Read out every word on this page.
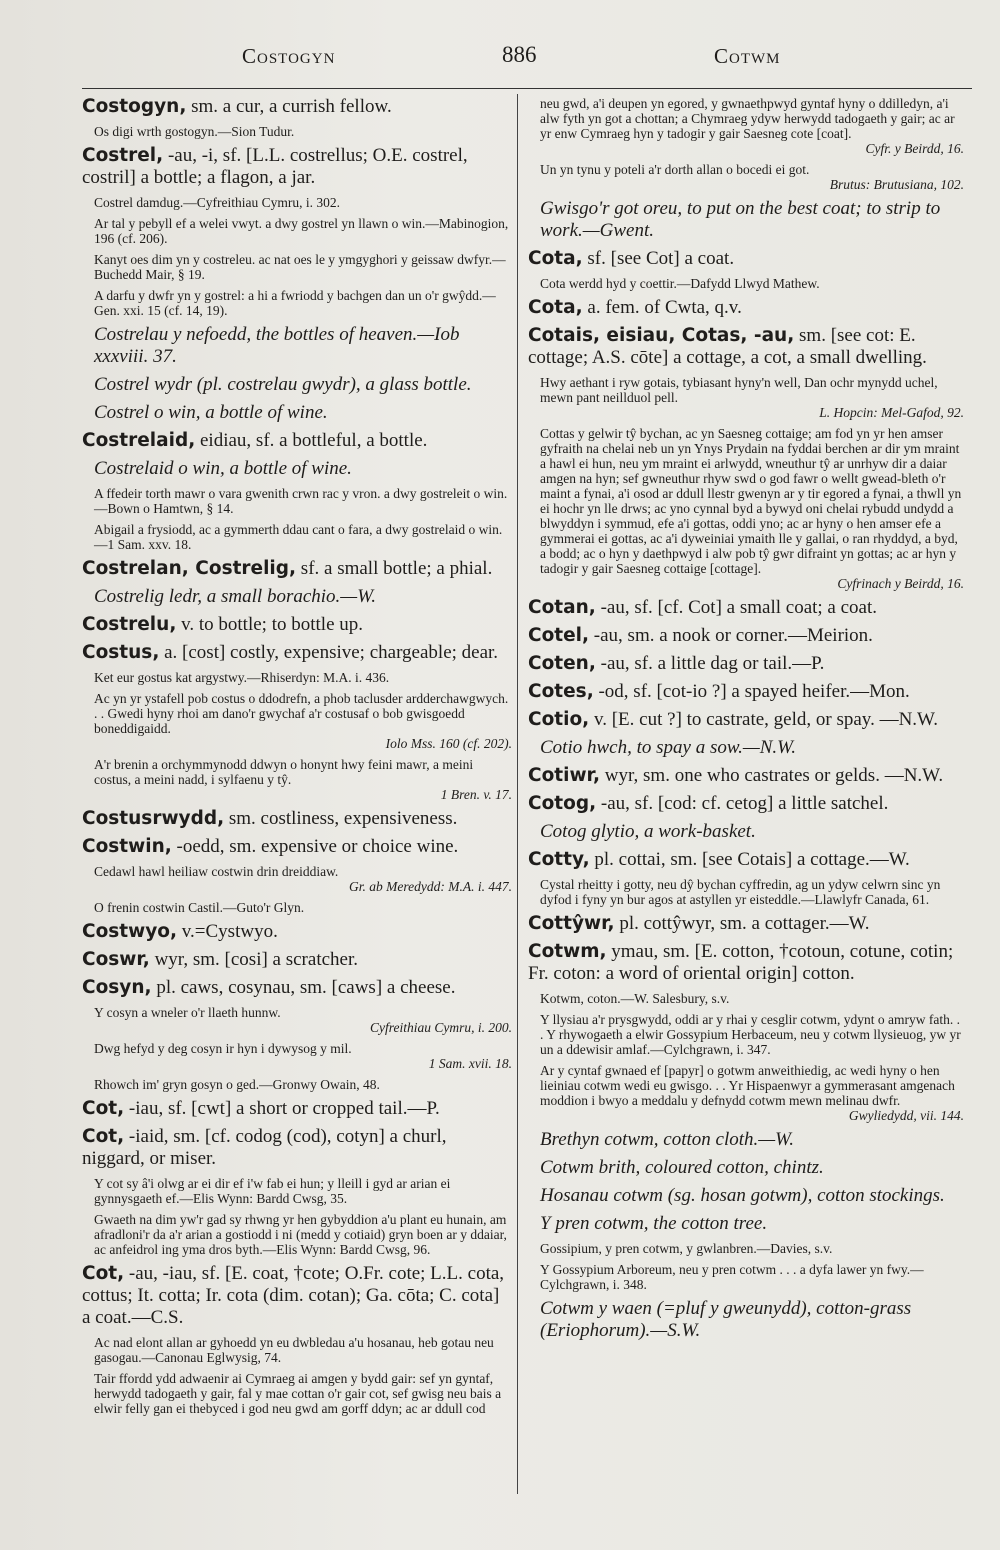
Costogyn	886	Cotwm

Costogyn, sm. a cur, a currish fellow.

Os digi wrth gostogyn.—Sion Tudur.

Costrel, -au, -i, sf. [L.L. costrellus; O.E. costrel, costril] a bottle; a flagon, a jar.

Costrel damdug.—Cyfreithiau Cymru, i. 302.

Ar tal y pebyll ef a welei vwyt. a dwy gostrel yn llawn o win.—Mabinogion, 196 (cf. 206).

Kanyt oes dim yn y costreleu. ac nat oes le y ymgyghori y geissaw dwfyr.—Buchedd Mair, § 19.

A darfu y dwfr yn y gostrel: a hi a fwriodd y bachgen dan un o'r gwŷdd.—Gen. xxi. 15 (cf. 14, 19).

Costrelau y nefoedd, the bottles of heaven.—Iob xxxviii. 37.

Costrel wydr (pl. costrelau gwydr), a glass bottle.

Costrel o win, a bottle of wine.

Costrelaid, eidiau, sf. a bottleful, a bottle.

Costrelaid o win, a bottle of wine.

A ffedeir torth mawr o vara gwenith crwn rac y vron. a dwy gostreleit o win.—Bown o Hamtwn, § 14.

Abigail a frysiodd, ac a gymmerth ddau cant o fara, a dwy gostrelaid o win.—1 Sam. xxv. 18.

Costrelan, Costrelig, sf. a small bottle; a phial.

Costrelig ledr, a small borachio.—W.

Costrelu, v. to bottle; to bottle up.

Costus, a. [cost] costly, expensive; chargeable; dear.

Ket eur gostus kat argystwy.—Rhiserdyn: M.A. i. 436.

Ac yn yr ystafell pob costus o ddodrefn, a phob taclusder ardderchawgwych. . . Gwedi hyny rhoi am dano'r gwychaf a'r costusaf o bob gwisgoedd boneddigaidd.
Iolo Mss. 160 (cf. 202).

A'r brenin a orchymmynodd ddwyn o honynt hwy feini mawr, a meini costus, a meini nadd, i sylfaenu y tŷ.
1 Bren. v. 17.

Costusrwydd, sm. costliness, expensiveness.

Costwin, -oedd, sm. expensive or choice wine.

Cedawl hawl heiliaw costwin drin dreiddiaw.
Gr. ab Meredydd: M.A. i. 447.

O frenin costwin Castil.—Guto'r Glyn.

Costwyo, v.=Cystwyo.

Coswr, wyr, sm. [cosi] a scratcher.

Cosyn, pl. caws, cosynau, sm. [caws] a cheese.

Y cosyn a wneler o'r llaeth hunnw.
Cyfreithiau Cymru, i. 200.

Dwg hefyd y deg cosyn ir hyn i dywysog y mil.
1 Sam. xvii. 18.

Rhowch im' gryn gosyn o ged.—Gronwy Owain, 48.

Cot, -iau, sf. [cwt] a short or cropped tail.—P.

Cot, -iaid, sm. [cf. codog (cod), cotyn] a churl, niggard, or miser.

Y cot sy â'i olwg ar ei dir ef i'w fab ei hun; y lleill i gyd ar arian ei gynnysgaeth ef.—Elis Wynn: Bardd Cwsg, 35.

Gwaeth na dim yw'r gad sy rhwng yr hen gybyddion a'u plant eu hunain, am afradloni'r da a'r arian a gostiodd i ni (medd y cotiaid) gryn boen ar y ddaiar, ac anfeidrol ing yma dros byth.—Elis Wynn: Bardd Cwsg, 96.

Cot, -au, -iau, sf. [E. coat, †cote; O.Fr. cote; L.L. cota, cottus; It. cotta; Ir. cota (dim. cotan); Ga. cōta; C. cota] a coat.—C.S.

Ac nad elont allan ar gyhoedd yn eu dwbledau a'u hosanau, heb gotau neu gasogau.—Canonau Eglwysig, 74.

Tair ffordd ydd adwaenir ai Cymraeg ai amgen y bydd gair: sef yn gyntaf, herwydd tadogaeth y gair, fal y mae cottan o'r gair cot, sef gwisg neu bais a elwir felly gan ei thebyced i god neu gwd am gorff ddyn; ac ar ddull cod

neu gwd, a'i deupen yn egored, y gwnaethpwyd gyntaf hyny o ddilledyn, a'i alw fyth yn got a chottan; a Chymraeg ydyw herwydd tadogaeth y gair; ac ar yr enw Cymraeg hyn y tadogir y gair Saesneg cote [coat].
Cyfr. y Beirdd, 16.

Un yn tynu y poteli a'r dorth allan o bocedi ei got.
Brutus: Brutusiana, 102.

Gwisgo'r got oreu, to put on the best coat; to strip to work.—Gwent.

Cota, sf. [see Cot] a coat.

Cota werdd hyd y coettir.—Dafydd Llwyd Mathew.

Cota, a. fem. of Cwta, q.v.

Cotais, eisiau, Cotas, -au, sm. [see cot: E. cottage; A.S. cōte] a cottage, a cot, a small dwelling.

Hwy aethant i ryw gotais, tybiasant hyny'n well, Dan ochr mynydd uchel, mewn pant neillduol pell.
L. Hopcin: Mel-Gafod, 92.

Cottas y gelwir tŷ bychan, ac yn Saesneg cottaige; am fod yn yr hen amser gyfraith na chelai neb un yn Ynys Prydain na fyddai berchen ar dir ym mraint a hawl ei hun, neu ym mraint ei arlwydd, wneuthur tŷ ar unrhyw dir a daiar amgen na hyn; sef gwneuthur rhyw swd o god fawr o wellt gwead-bleth o'r maint a fynai, a'i osod ar ddull llestr gwenyn ar y tir egored a fynai, a thwll yn ei hochr yn lle drws; ac yno cynnal byd a bywyd oni chelai rybudd undydd a blwyddyn i symmud, efe a'i gottas, oddi yno; ac ar hyny o hen amser efe a gymmerai ei gottas, ac a'i dyweiniai ymaith lle y gallai, o ran rhyddyd, a byd, a bodd; ac o hyn y daethpwyd i alw pob tŷ gwr difraint yn gottas; ac ar hyn y tadogir y gair Saesneg cottaige [cottage].
Cyfrinach y Beirdd, 16.

Cotan, -au, sf. [cf. Cot] a small coat; a coat.

Cotel, -au, sm. a nook or corner.—Meirion.

Coten, -au, sf. a little dag or tail.—P.

Cotes, -od, sf. [cot-io ?] a spayed heifer.—Mon.

Cotio, v. [E. cut ?] to castrate, geld, or spay. —N.W.

Cotio hwch, to spay a sow.—N.W.

Cotiwr, wyr, sm. one who castrates or gelds. —N.W.

Cotog, -au, sf. [cod: cf. cetog] a little satchel.

Cotog glytio, a work-basket.

Cotty, pl. cottai, sm. [see Cotais] a cottage.—W.

Cystal rheitty i gotty, neu dŷ bychan cyffredin, ag un ydyw celwrn sinc yn dyfod i fyny yn bur agos at astyllen yr eisteddle.—Llawlyfr Canada, 61.

Cottŷwr, pl. cottŷwyr, sm. a cottager.—W.

Cotwm, ymau, sm. [E. cotton, †cotoun, cotune, cotin; Fr. coton: a word of oriental origin] cotton.

Kotwm, coton.—W. Salesbury, s.v.

Y llysiau a'r prysgwydd, oddi ar y rhai y cesglir cotwm, ydynt o amryw fath. . . Y rhywogaeth a elwir Gossypium Herbaceum, neu y cotwm llysieuog, yw yr un a ddewisir amlaf.—Cylchgrawn, i. 347.

Ar y cyntaf gwnaed ef [papyr] o gotwm anweithiedig, ac wedi hyny o hen lieiniau cotwm wedi eu gwisgo. . . Yr Hispaenwyr a gymmerasant amgenach moddion i bwyo a meddalu y defnydd cotwm mewn melinau dwfr.
Gwyliedydd, vii. 144.

Brethyn cotwm, cotton cloth.—W.

Cotwm brith, coloured cotton, chintz.

Hosanau cotwm (sg. hosan gotwm), cotton stockings.

Y pren cotwm, the cotton tree.

Gossipium, y pren cotwm, y gwlanbren.—Davies, s.v.

Y Gossypium Arboreum, neu y pren cotwm . . . a dyfa lawer yn fwy.—Cylchgrawn, i. 348.

Cotwm y waen (=pluf y gweunydd), cotton-grass (Eriophorum).—S.W.
